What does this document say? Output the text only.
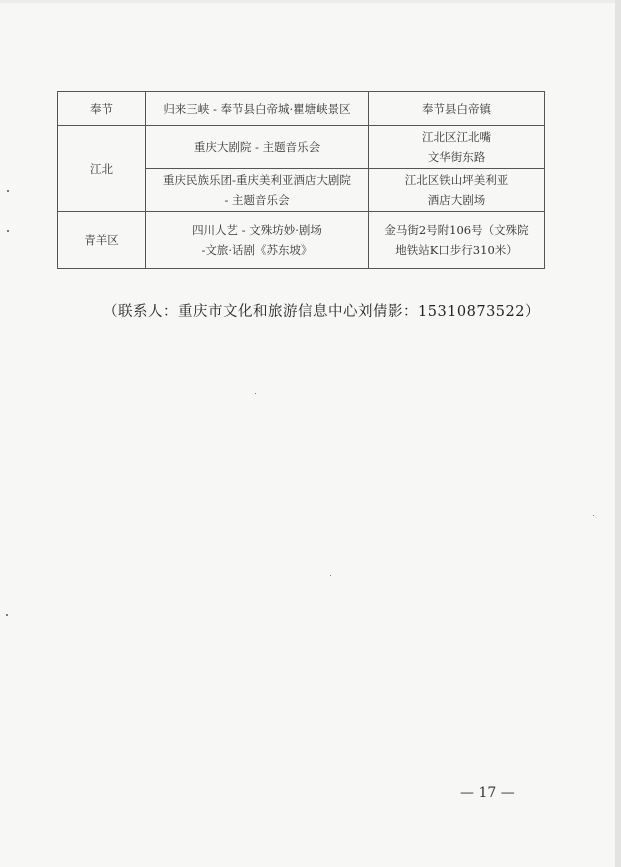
奉节	归来三峡 - 奉节县白帝城·瞿塘峡景区	奉节县白帝镇

江北	重庆大剧院 - 主题音乐会	江北区江北嘴
文华街东路

	重庆民族乐团-重庆美利亚酒店大剧院
- 主题音乐会	江北区铁山坪美利亚
酒店大剧场

青羊区	四川人艺 - 文殊坊妙·剧场
-文旅·话剧《苏东坡》	金马街2号附106号（文殊院
地铁站K口步行310米）
（联系人：重庆市文化和旅游信息中心刘倩影：15310873522）
— 17 —
